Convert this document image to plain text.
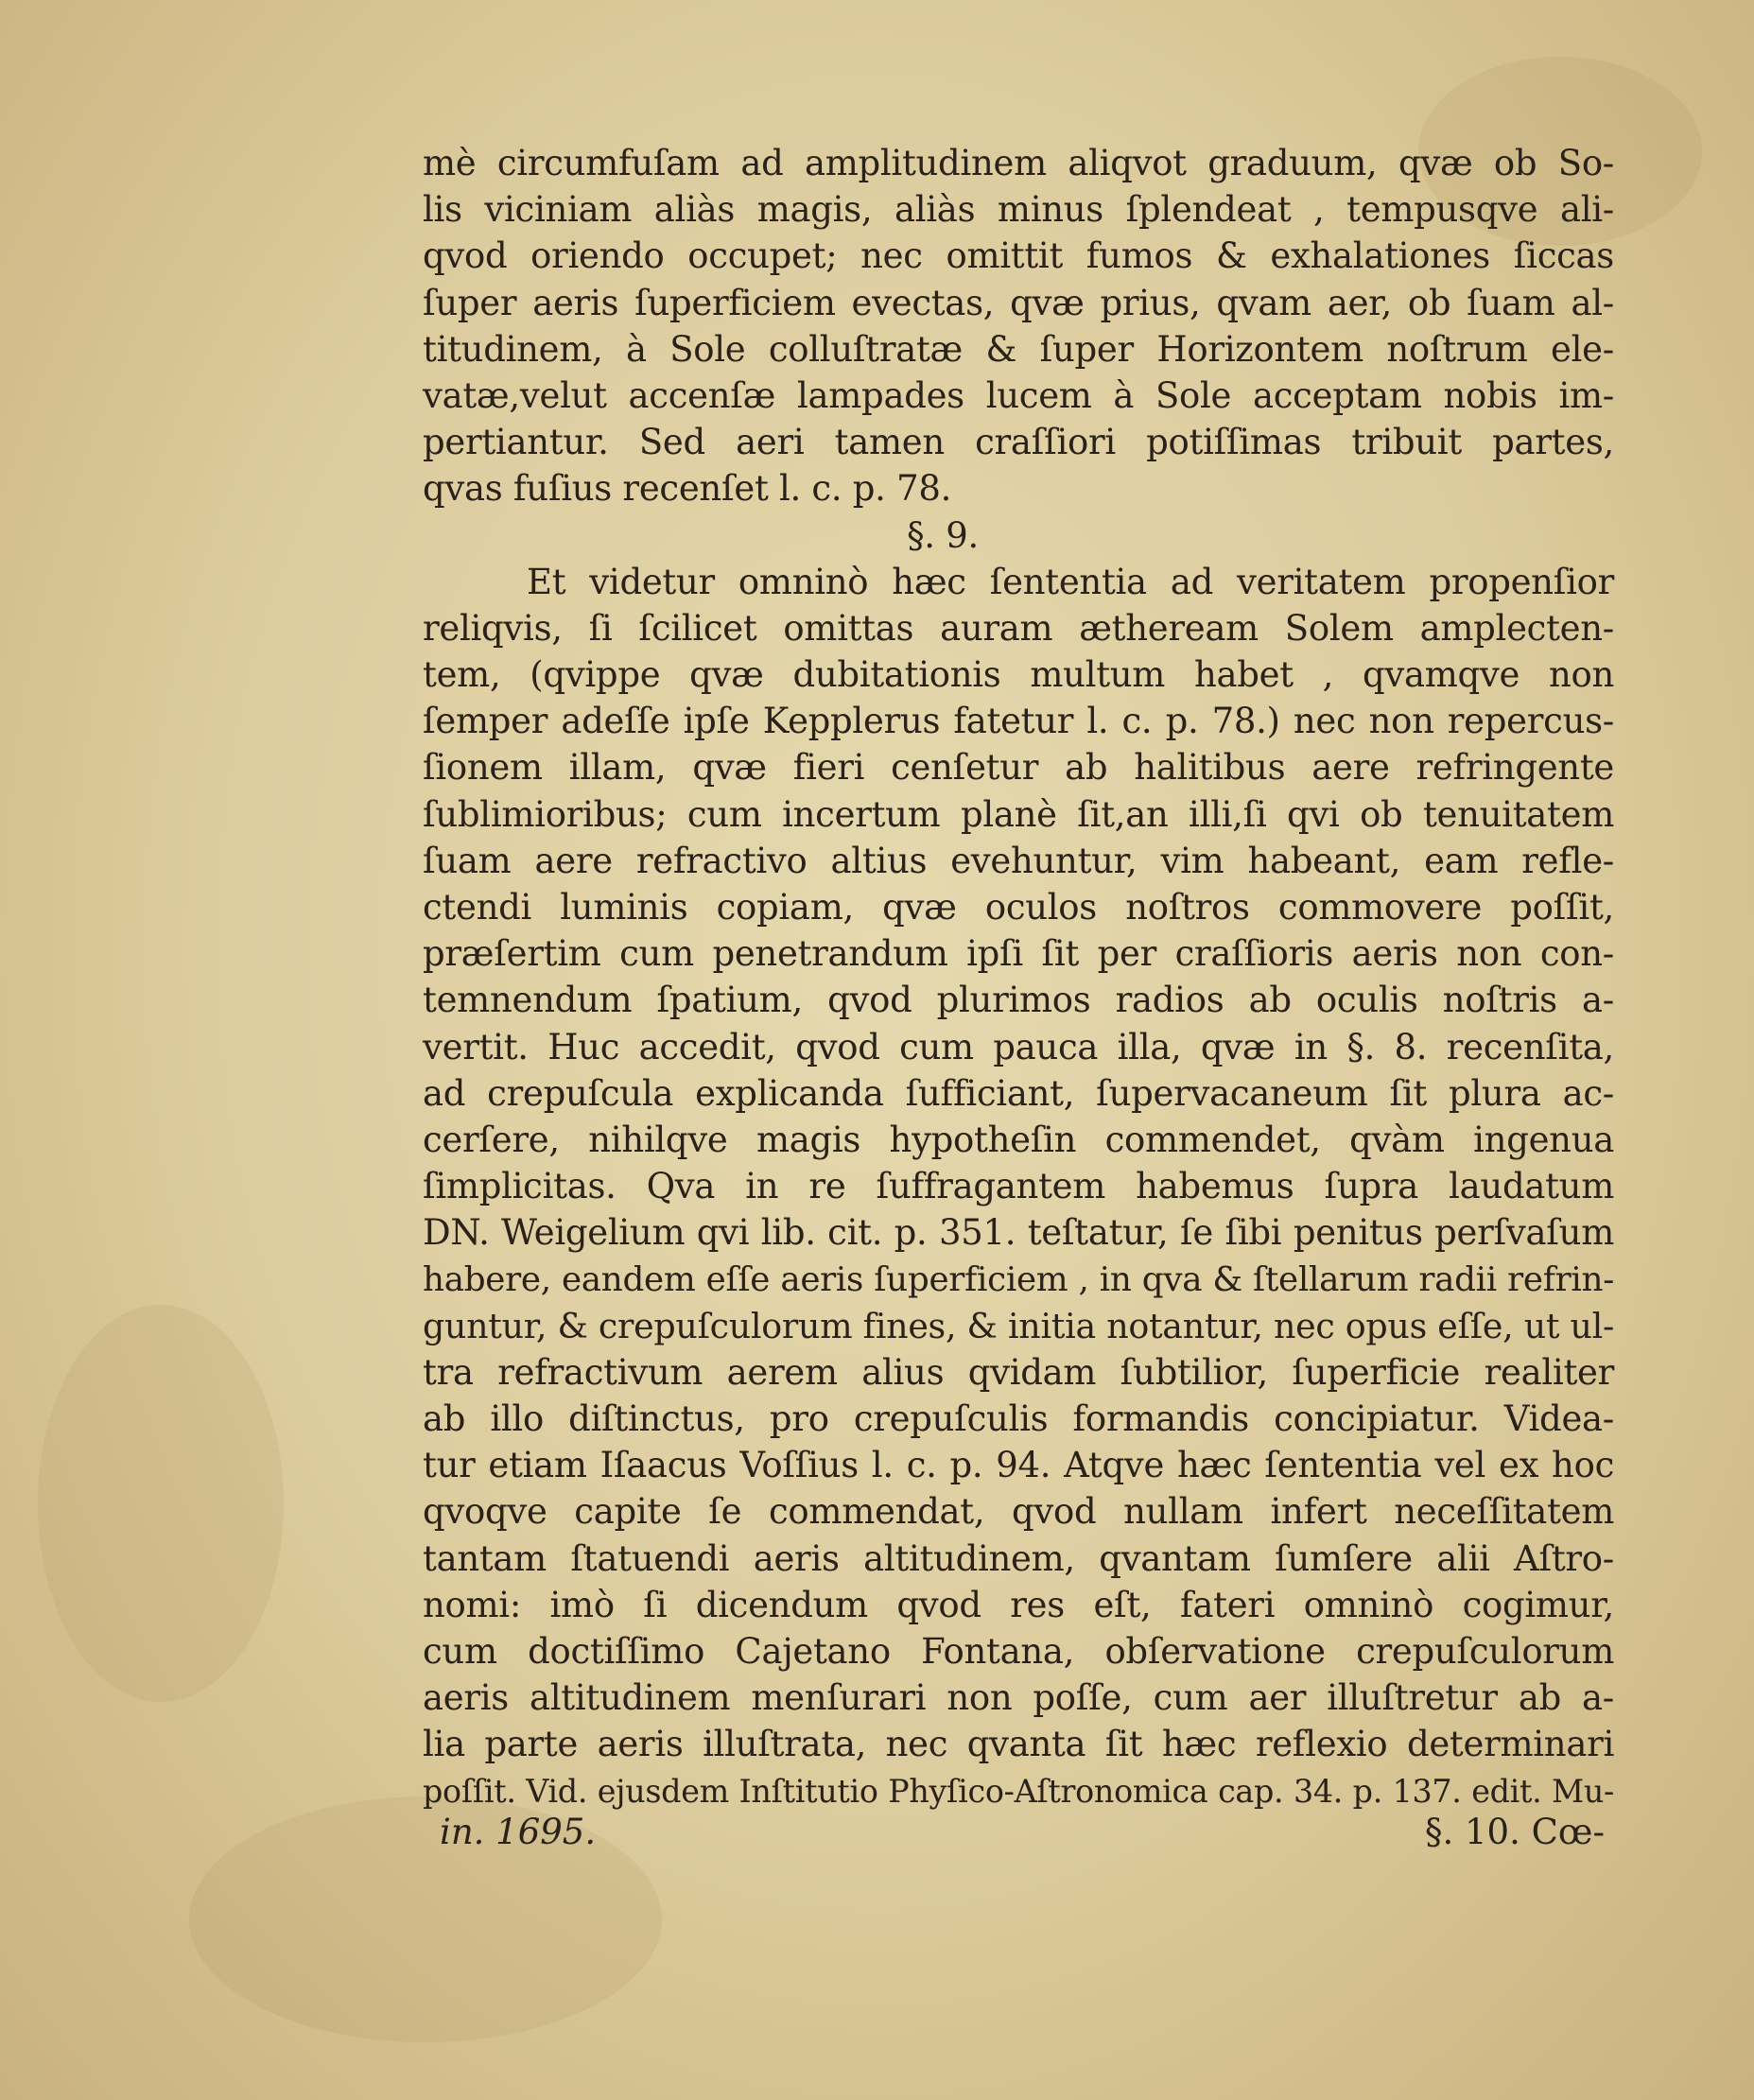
mè circumfuſam ad amplitudinem aliqvot graduum, qvæ ob So-
lis viciniam aliàs magis, aliàs minus ſplendeat , tempusqve ali-
qvod oriendo occupet; nec omittit fumos & exhalationes ſiccas
ſuper aeris ſuperficiem evectas, qvæ prius, qvam aer, ob ſuam al-
titudinem, à Sole colluſtratæ & ſuper Horizontem noſtrum ele-
vatæ,velut accenſæ lampades lucem à Sole acceptam nobis im-
pertiantur. Sed aeri tamen craſſiori potiſſimas tribuit partes,
qvas fuſius recenſet l. c. p. 78.
§. 9.
Et videtur omninò hæc ſententia ad veritatem propenſior
reliqvis, ſi ſcilicet omittas auram ætheream Solem amplecten-
tem, (qvippe qvæ dubitationis multum habet , qvamqve non
ſemper adeſſe ipſe Kepplerus fatetur l. c. p. 78.) nec non repercus-
ſionem illam, qvæ fieri cenſetur ab halitibus aere refringente
ſublimioribus; cum incertum planè ſit,an illi,ſi qvi ob tenuitatem
ſuam aere refractivo altius evehuntur, vim habeant, eam refle-
ctendi luminis copiam, qvæ oculos noſtros commovere poſſit,
præſertim cum penetrandum ipſi ſit per craſſioris aeris non con-
temnendum ſpatium, qvod plurimos radios ab oculis noſtris a-
vertit. Huc accedit, qvod cum pauca illa, qvæ in §. 8. recenſita,
ad crepuſcula explicanda ſufficiant, ſupervacaneum ſit plura ac-
cerſere, nihilqve magis hypotheſin commendet, qvàm ingenua
ſimplicitas. Qva in re ſuffragantem habemus ſupra laudatum
DN. Weigelium qvi lib. cit. p. 351. teſtatur, ſe ſibi penitus perſvaſum
habere, eandem eſſe aeris ſuperficiem , in qva & ſtellarum radii refrin-
guntur, & crepuſculorum fines, & initia notantur, nec opus eſſe, ut ul-
tra refractivum aerem alius qvidam ſubtilior, ſuperficie realiter
ab illo diſtinctus, pro crepuſculis formandis concipiatur. Videa-
tur etiam Iſaacus Voſſius l. c. p. 94. Atqve hæc ſententia vel ex hoc
qvoqve capite ſe commendat, qvod nullam infert neceſſitatem
tantam ſtatuendi aeris altitudinem, qvantam ſumſere alii Aſtro-
nomi: imò ſi dicendum qvod res eſt, fateri omninò cogimur,
cum doctiſſimo Cajetano Fontana, obſervatione crepuſculorum
aeris altitudinem menſurari non poſſe, cum aer illuſtretur ab a-
lia parte aeris illuſtrata, nec qvanta ſit hæc reflexio determinari
poſſit. Vid. ejusdem Inſtitutio Phyſico-Aſtronomica cap. 34. p. 137. edit. Mu-
in. 1695.	§. 10. Cœ-
